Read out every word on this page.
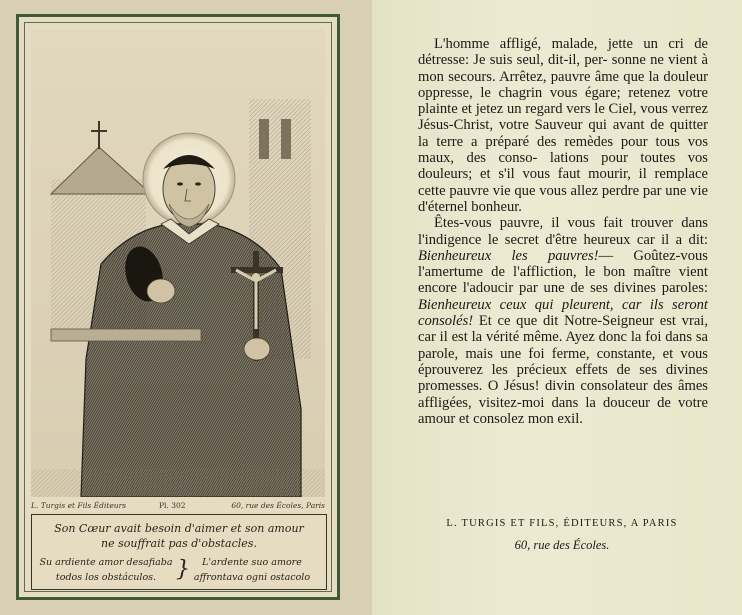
L. Turgis et Fils Éditeurs	Pl. 302	60, rue des Écoles, Paris
Son Cœur avait besoin d'aimer et son amour
ne souffrait pas d'obstacles.
Su ardiente amor desafiaba
todos los obstáculos. }	L'ardente suo amore
affrontava ogni ostacolo

L'homme affligé, malade, jette un cri de détresse: Je suis seul, dit-il, per- sonne ne vient à mon secours. Arrêtez, pauvre âme que la douleur oppresse, le chagrin vous égare; retenez votre plainte et jetez un regard vers le Ciel, vous verrez Jésus-Christ, votre Sauveur qui avant de quitter la terre a préparé des remèdes pour tous vos maux, des conso- lations pour toutes vos douleurs; et s'il vous faut mourir, il remplace cette pauvre vie que vous allez perdre par une vie d'éternel bonheur.

Êtes-vous pauvre, il vous fait trouver dans l'indigence le secret d'être heureux car il a dit: Bienheureux les pauvres!— Goûtez-vous l'amertume de l'affliction, le bon maître vient encore l'adoucir par une de ses divines paroles: Bienheureux ceux qui pleurent, car ils seront consolés! Et ce que dit Notre-Seigneur est vrai, car il est la vérité même. Ayez donc la foi dans sa parole, mais une foi ferme, constante, et vous éprouverez les précieux effets de ses divines promesses. O Jésus! divin consolateur des âmes affligées, visitez-moi dans la douceur de votre amour et consolez mon exil.

L. TURGIS ET FILS, ÉDITEURS, A PARIS
60, rue des Écoles.
